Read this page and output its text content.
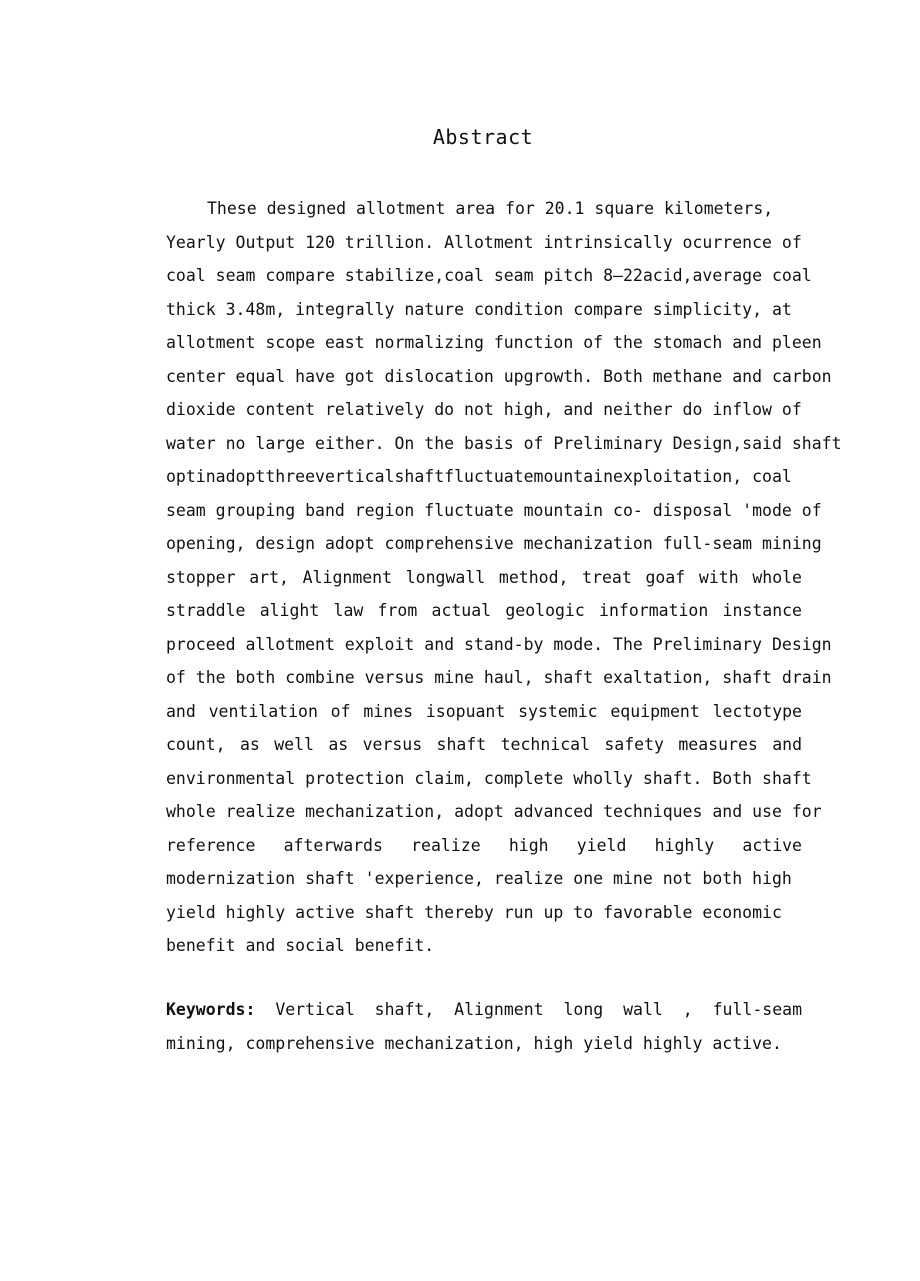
Abstract
These designed allotment area for 20.1 square kilometers,
Yearly Output 120 trillion. Allotment intrinsically ocurrence of
coal seam compare stabilize,coal seam pitch 8—22acid,average coal
thick 3.48m, integrally nature condition compare simplicity, at
allotment scope east normalizing function of the stomach and pleen
center equal have got dislocation upgrowth. Both methane and carbon
dioxide content relatively do not high, and neither do inflow of
water no large either. On the basis of Preliminary Design,said shaft
optinadoptthreeverticalshaftfluctuatemountainexploitation, coal
seam grouping band region fluctuate mountain co- disposal 'mode of
opening, design adopt comprehensive mechanization full-seam mining
stopper art, Alignment longwall method, treat goaf with whole
straddle alight law from actual geologic information instance
proceed allotment exploit and stand-by mode. The Preliminary Design
of the both combine versus mine haul, shaft exaltation, shaft drain
and ventilation of mines isopuant systemic equipment lectotype
count, as well as versus shaft technical safety measures and
environmental protection claim, complete wholly shaft. Both shaft
whole realize mechanization, adopt advanced techniques and use for
reference afterwards realize high yield highly active
modernization shaft 'experience, realize one mine not both high
yield highly active shaft thereby run up to favorable economic
benefit and social benefit.
Keywords: Vertical shaft, Alignment long wall , full-seam
mining, comprehensive mechanization, high yield highly active.
